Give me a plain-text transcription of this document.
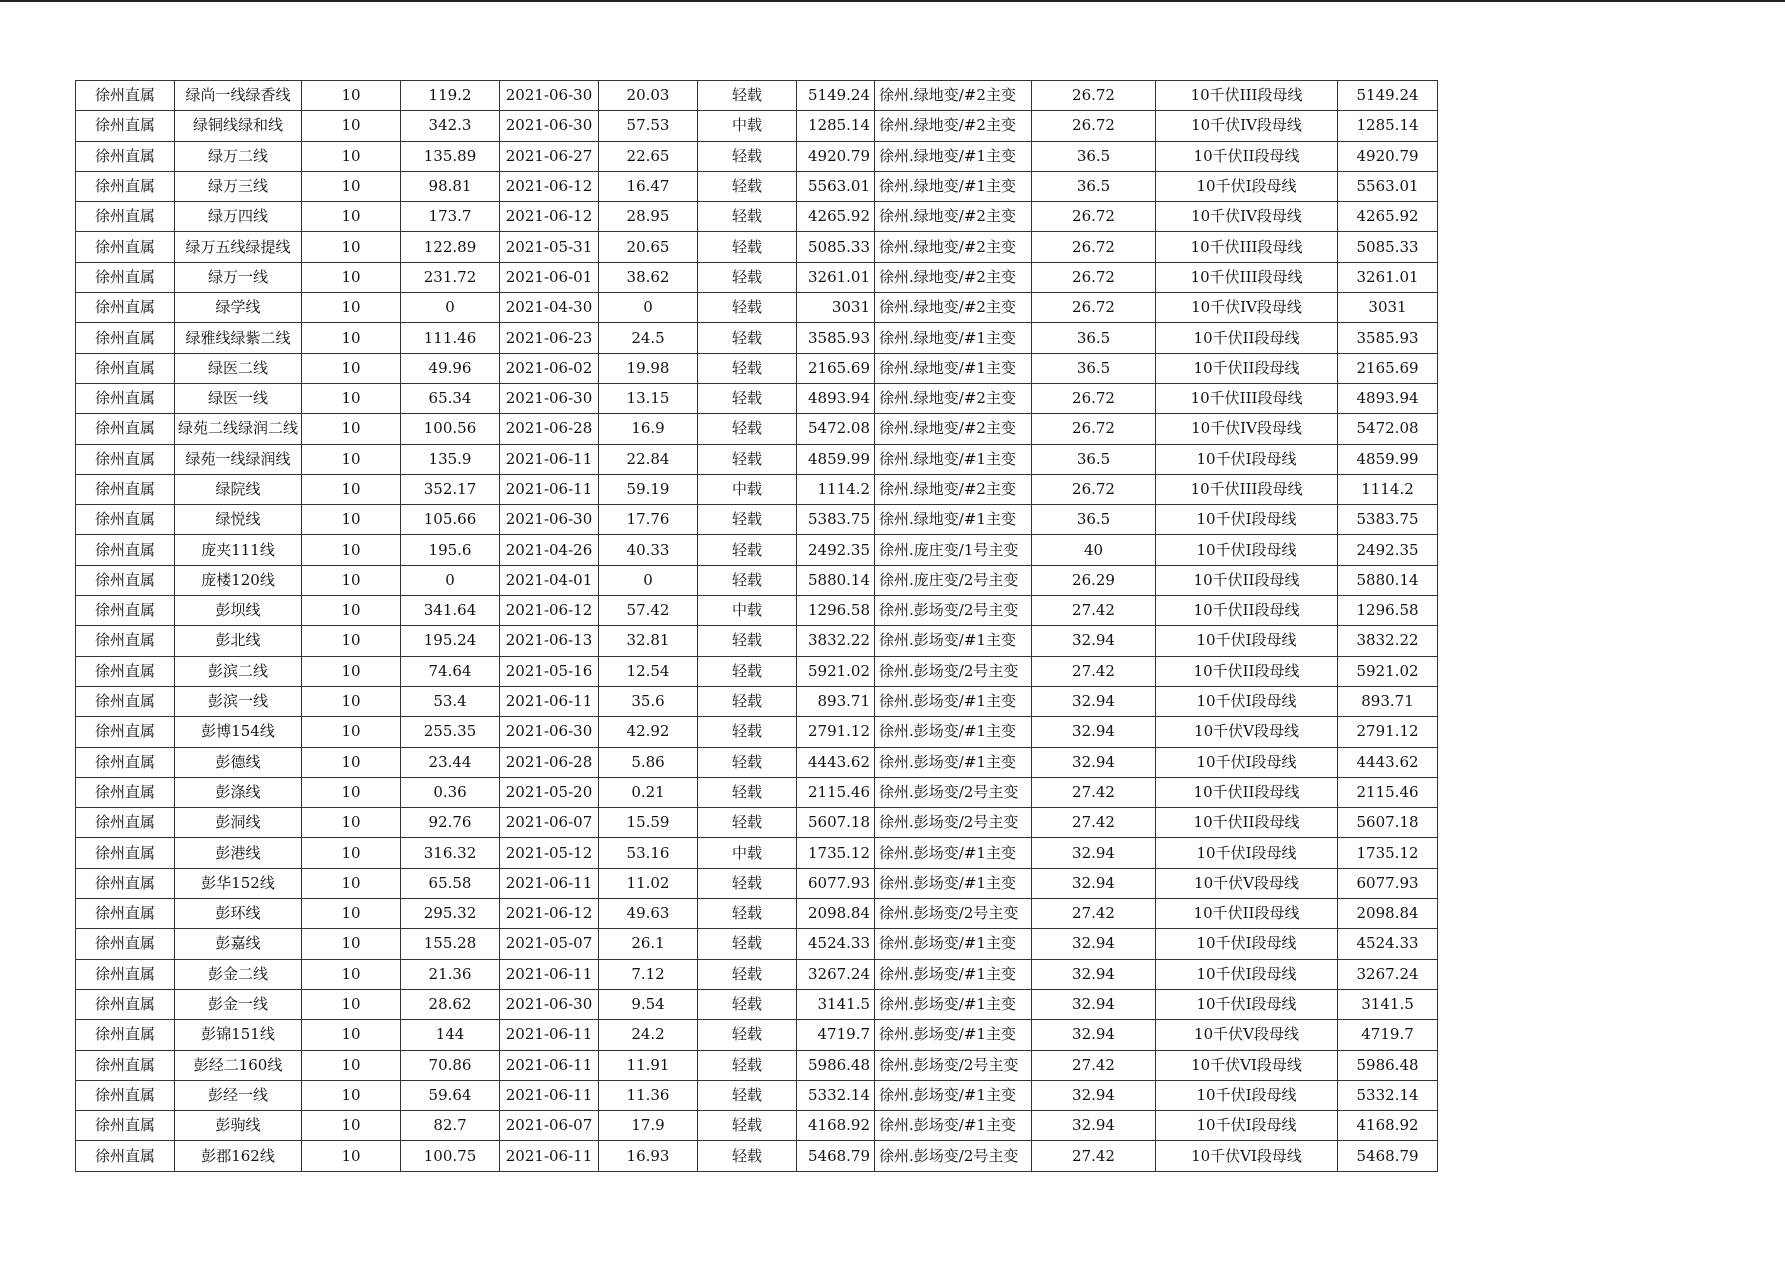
徐州直属	绿尚一线绿香线	10	119.2	2021-06-30	20.03	轻载	5149.24	徐州.绿地变/#2主变	26.72	10千伏III段母线	5149.24
徐州直属	绿铜线绿和线	10	342.3	2021-06-30	57.53	中载	1285.14	徐州.绿地变/#2主变	26.72	10千伏IV段母线	1285.14
徐州直属	绿万二线	10	135.89	2021-06-27	22.65	轻载	4920.79	徐州.绿地变/#1主变	36.5	10千伏II段母线	4920.79
徐州直属	绿万三线	10	98.81	2021-06-12	16.47	轻载	5563.01	徐州.绿地变/#1主变	36.5	10千伏I段母线	5563.01
徐州直属	绿万四线	10	173.7	2021-06-12	28.95	轻载	4265.92	徐州.绿地变/#2主变	26.72	10千伏IV段母线	4265.92
徐州直属	绿万五线绿提线	10	122.89	2021-05-31	20.65	轻载	5085.33	徐州.绿地变/#2主变	26.72	10千伏III段母线	5085.33
徐州直属	绿万一线	10	231.72	2021-06-01	38.62	轻载	3261.01	徐州.绿地变/#2主变	26.72	10千伏III段母线	3261.01
徐州直属	绿学线	10	0	2021-04-30	0	轻载	3031	徐州.绿地变/#2主变	26.72	10千伏IV段母线	3031
徐州直属	绿雅线绿紫二线	10	111.46	2021-06-23	24.5	轻载	3585.93	徐州.绿地变/#1主变	36.5	10千伏II段母线	3585.93
徐州直属	绿医二线	10	49.96	2021-06-02	19.98	轻载	2165.69	徐州.绿地变/#1主变	36.5	10千伏II段母线	2165.69
徐州直属	绿医一线	10	65.34	2021-06-30	13.15	轻载	4893.94	徐州.绿地变/#2主变	26.72	10千伏III段母线	4893.94
徐州直属	绿苑二线绿润二线	10	100.56	2021-06-28	16.9	轻载	5472.08	徐州.绿地变/#2主变	26.72	10千伏IV段母线	5472.08
徐州直属	绿苑一线绿润线	10	135.9	2021-06-11	22.84	轻载	4859.99	徐州.绿地变/#1主变	36.5	10千伏I段母线	4859.99
徐州直属	绿院线	10	352.17	2021-06-11	59.19	中载	1114.2	徐州.绿地变/#2主变	26.72	10千伏III段母线	1114.2
徐州直属	绿悦线	10	105.66	2021-06-30	17.76	轻载	5383.75	徐州.绿地变/#1主变	36.5	10千伏I段母线	5383.75
徐州直属	庞夹111线	10	195.6	2021-04-26	40.33	轻载	2492.35	徐州.庞庄变/1号主变	40	10千伏I段母线	2492.35
徐州直属	庞楼120线	10	0	2021-04-01	0	轻载	5880.14	徐州.庞庄变/2号主变	26.29	10千伏II段母线	5880.14
徐州直属	彭坝线	10	341.64	2021-06-12	57.42	中载	1296.58	徐州.彭场变/2号主变	27.42	10千伏II段母线	1296.58
徐州直属	彭北线	10	195.24	2021-06-13	32.81	轻载	3832.22	徐州.彭场变/#1主变	32.94	10千伏I段母线	3832.22
徐州直属	彭滨二线	10	74.64	2021-05-16	12.54	轻载	5921.02	徐州.彭场变/2号主变	27.42	10千伏II段母线	5921.02
徐州直属	彭滨一线	10	53.4	2021-06-11	35.6	轻载	893.71	徐州.彭场变/#1主变	32.94	10千伏I段母线	893.71
徐州直属	彭博154线	10	255.35	2021-06-30	42.92	轻载	2791.12	徐州.彭场变/#1主变	32.94	10千伏V段母线	2791.12
徐州直属	彭德线	10	23.44	2021-06-28	5.86	轻载	4443.62	徐州.彭场变/#1主变	32.94	10千伏I段母线	4443.62
徐州直属	彭涤线	10	0.36	2021-05-20	0.21	轻载	2115.46	徐州.彭场变/2号主变	27.42	10千伏II段母线	2115.46
徐州直属	彭洞线	10	92.76	2021-06-07	15.59	轻载	5607.18	徐州.彭场变/2号主变	27.42	10千伏II段母线	5607.18
徐州直属	彭港线	10	316.32	2021-05-12	53.16	中载	1735.12	徐州.彭场变/#1主变	32.94	10千伏I段母线	1735.12
徐州直属	彭华152线	10	65.58	2021-06-11	11.02	轻载	6077.93	徐州.彭场变/#1主变	32.94	10千伏V段母线	6077.93
徐州直属	彭环线	10	295.32	2021-06-12	49.63	轻载	2098.84	徐州.彭场变/2号主变	27.42	10千伏II段母线	2098.84
徐州直属	彭嘉线	10	155.28	2021-05-07	26.1	轻载	4524.33	徐州.彭场变/#1主变	32.94	10千伏I段母线	4524.33
徐州直属	彭金二线	10	21.36	2021-06-11	7.12	轻载	3267.24	徐州.彭场变/#1主变	32.94	10千伏I段母线	3267.24
徐州直属	彭金一线	10	28.62	2021-06-30	9.54	轻载	3141.5	徐州.彭场变/#1主变	32.94	10千伏I段母线	3141.5
徐州直属	彭锦151线	10	144	2021-06-11	24.2	轻载	4719.7	徐州.彭场变/#1主变	32.94	10千伏V段母线	4719.7
徐州直属	彭经二160线	10	70.86	2021-06-11	11.91	轻载	5986.48	徐州.彭场变/2号主变	27.42	10千伏VI段母线	5986.48
徐州直属	彭经一线	10	59.64	2021-06-11	11.36	轻载	5332.14	徐州.彭场变/#1主变	32.94	10千伏I段母线	5332.14
徐州直属	彭驹线	10	82.7	2021-06-07	17.9	轻载	4168.92	徐州.彭场变/#1主变	32.94	10千伏I段母线	4168.92
徐州直属	彭郡162线	10	100.75	2021-06-11	16.93	轻载	5468.79	徐州.彭场变/2号主变	27.42	10千伏VI段母线	5468.79
